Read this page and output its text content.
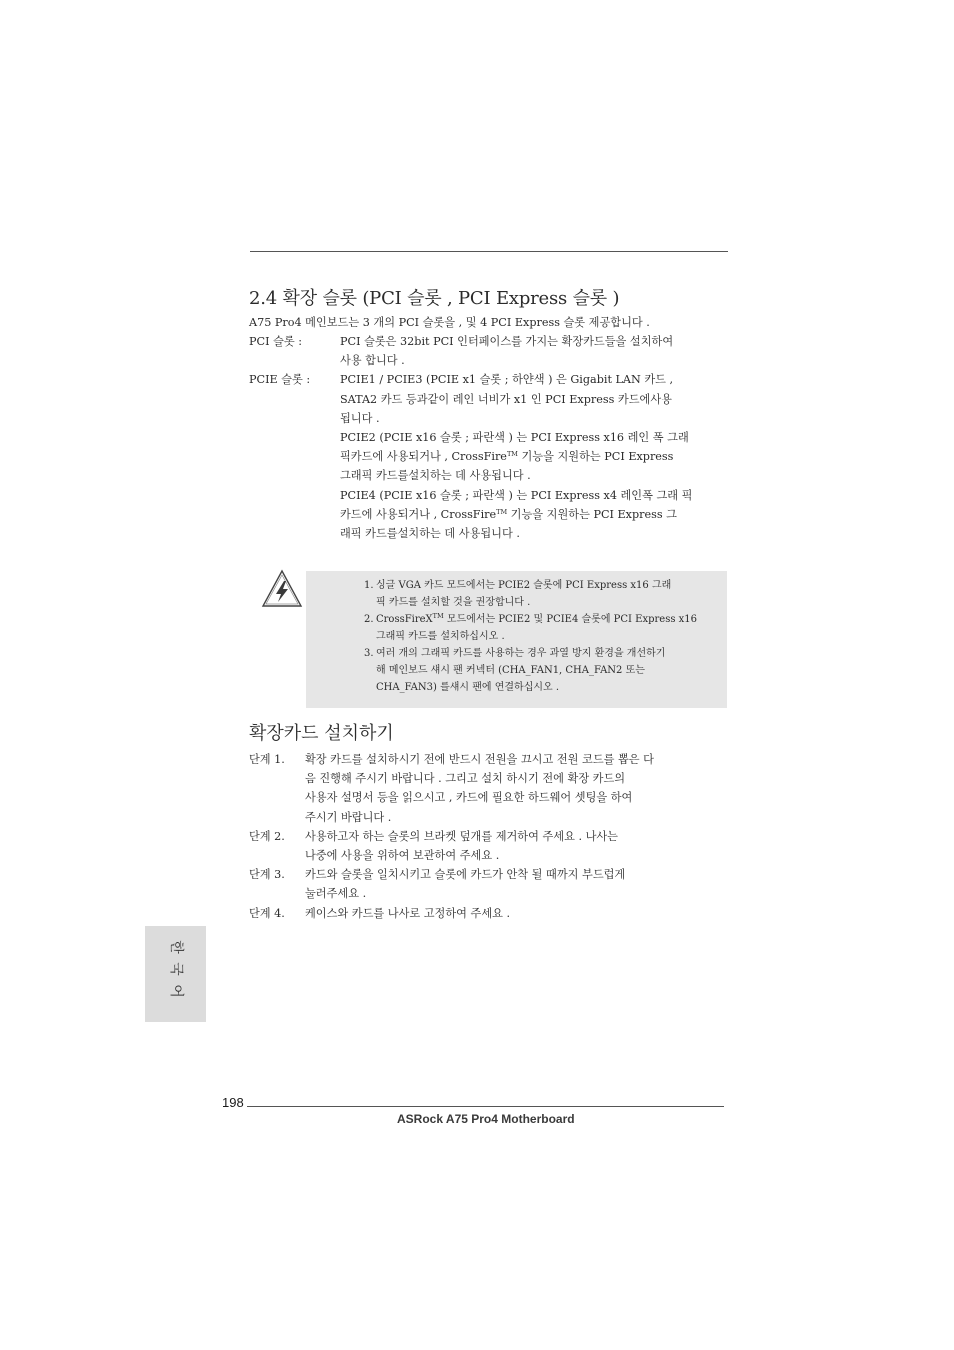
2.4 확장 슬롯 (PCI 슬롯 , PCI Express 슬롯 )
A75 Pro4 메인보드는 3 개의 PCI 슬롯을 , 및 4 PCI Express 슬롯 제공합니다 .
PCI 슬롯 :	PCI 슬롯은 32bit PCI 인터페이스를 가지는 확장카드들을 설치하여
사용 합니다 .
PCIE 슬롯 :	PCIE1 / PCIE3 (PCIE x1 슬롯 ; 하얀색 ) 은 Gigabit LAN 카드 ,
SATA2 카드 등과같이 레인 너비가 x1 인 PCI Express 카드에사용
됩니다 .
PCIE2 (PCIE x16 슬롯 ; 파란색 ) 는 PCI Express x16 레인 폭 그래
픽카드에 사용되거나 , CrossFire™ 기능을 지원하는 PCI Express
그래픽 카드를설치하는 데 사용됩니다 .
PCIE4 (PCIE x16 슬롯 ; 파란색 ) 는 PCI Express x4 레인폭 그래 픽
카드에 사용되거나 , CrossFire™ 기능을 지원하는 PCI Express 그
래픽 카드를설치하는 데 사용됩니다 .
1. 싱글 VGA 카드 모드에서는 PCIE2 슬롯에 PCI Express x16 그래
픽 카드를 설치할 것을 권장합니다 .
2. CrossFireX™ 모드에서는 PCIE2 및 PCIE4 슬롯에 PCI Express x16
그래픽 카드를 설치하십시오 .
3. 여러 개의 그래픽 카드를 사용하는 경우 과열 방지 환경을 개선하기
해 메인보드 섀시 팬 커넥터 (CHA_FAN1, CHA_FAN2 또는
CHA_FAN3) 를섀시 팬에 연결하십시오 .
확장카드 설치하기
단계 1. 확장 카드를 설치하시기 전에 반드시 전원을 끄시고 전원 코드를 뽑은 다
음 진행해 주시기 바랍니다 . 그리고 설치 하시기 전에 확장 카드의
사용자 설명서 등을 읽으시고 , 카드에 필요한 하드웨어 셋팅을 하여
주시기 바랍니다 .
단계 2. 사용하고자 하는 슬롯의 브라켓 덮개를 제거하여 주세요 . 나사는
나중에 사용을 위하여 보관하여 주세요 .
단계 3. 카드와 슬롯을 일치시키고 슬롯에 카드가 안착 될 때까지 부드럽게
눌러주세요 .
단계 4. 케이스와 카드를 나사로 고정하여 주세요 .
한
국
어
198
ASRock A75 Pro4 Motherboard
